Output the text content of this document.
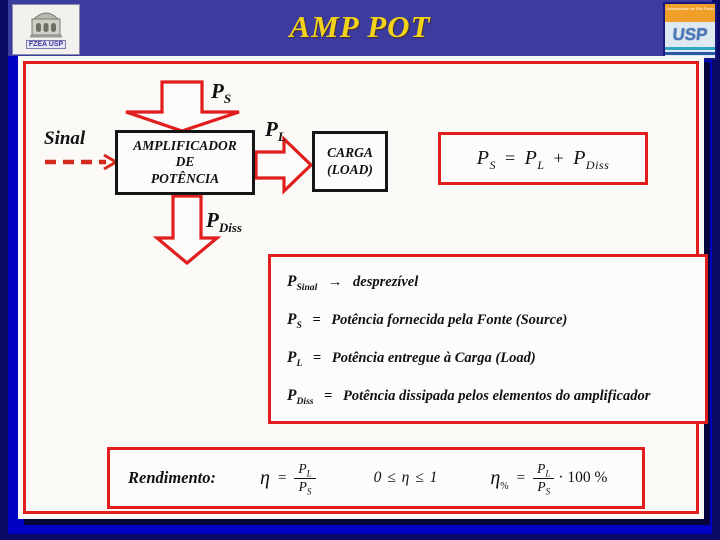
AMP POT
FZEA USP
Universidade de São Paulo
USP
Sinal
$P_S$
$P_L$
$P_{Diss}$
AMPLIFICADOR
DE
POTÊNCIA
CARGA
(LOAD)	$P_S = P_L + P_{Diss}$
$P_{Sinal}$ → desprezível
$P_S$ = Potência fornecida pela Fonte (Source)
$P_L$ = Potência entregue à Carga (Load)
$P_{Diss}$ = Potência dissipada pelos elementos do amplificador
Rendimento: $\eta = \frac{P_L}{P_S}$	0 ≤ η ≤ 1	$\eta_{\%}$
= $\frac{P_L}{P_S} \cdot 100$ %
